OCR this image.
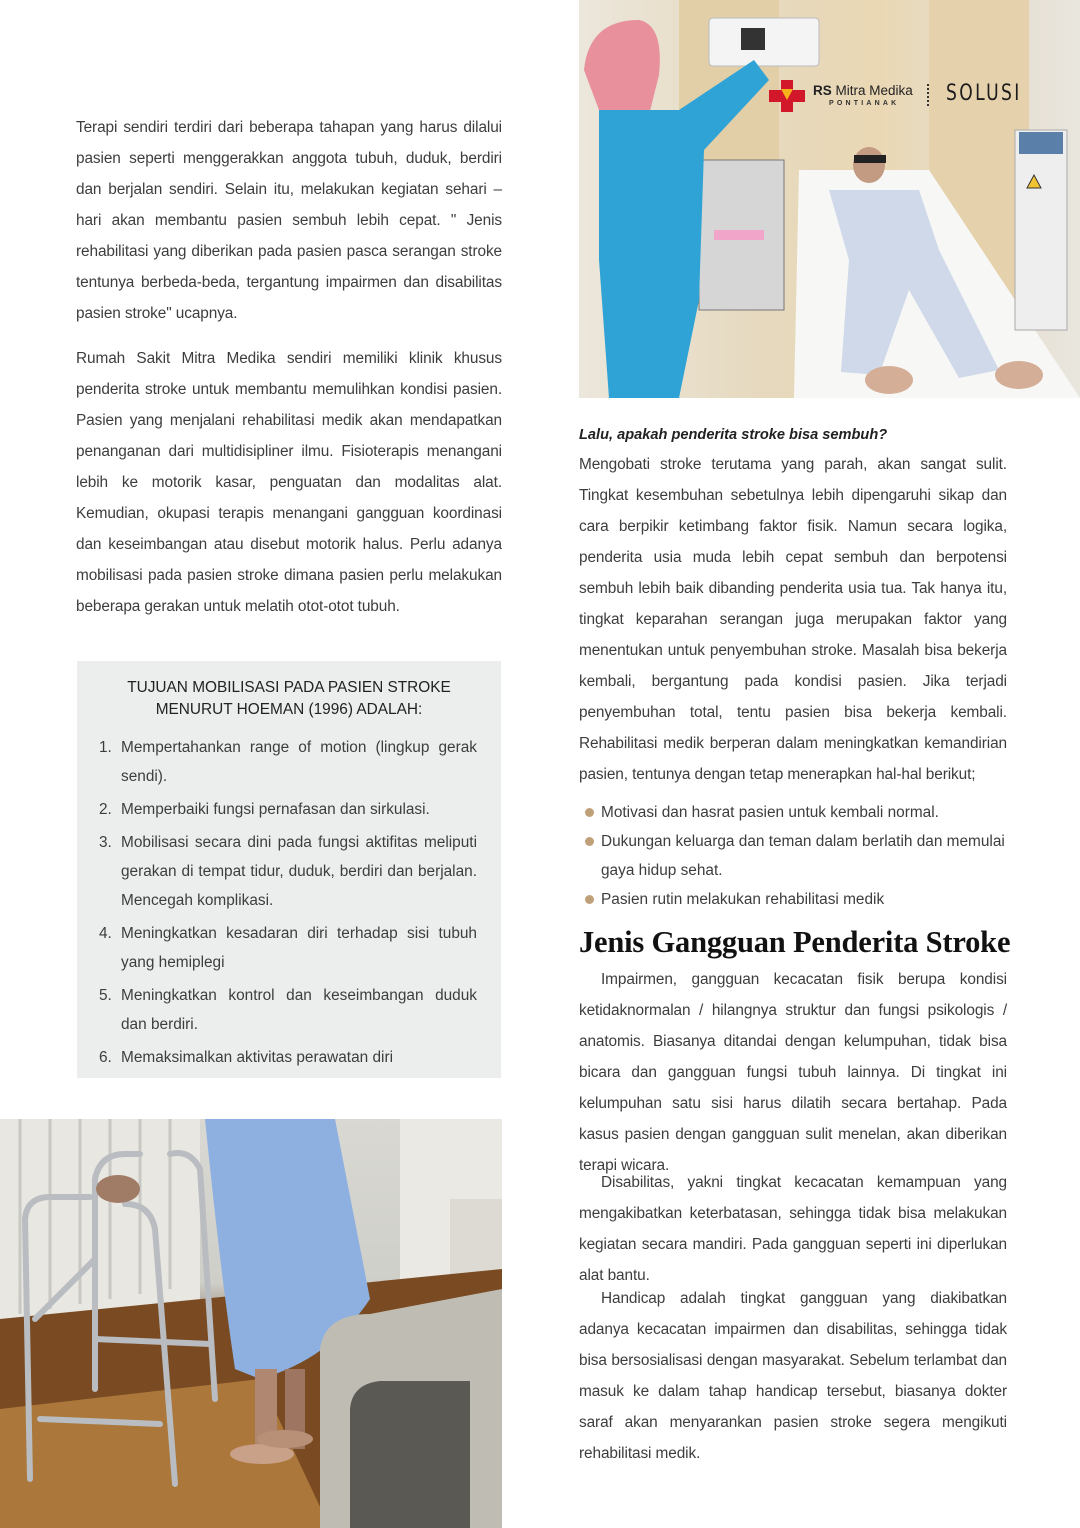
Terapi sendiri terdiri dari beberapa tahapan yang harus dilalui pasien seperti menggerakkan anggota tubuh, duduk, berdiri dan berjalan sendiri. Selain itu, melakukan kegiatan sehari – hari akan membantu pasien sembuh lebih cepat. " Jenis rehabilitasi yang diberikan pada pasien pasca serangan stroke tentunya berbeda-beda, tergantung impairmen dan disabilitas pasien stroke" ucapnya.

Rumah Sakit Mitra Medika sendiri memiliki klinik khusus penderita stroke untuk membantu memulihkan kondisi pasien. Pasien yang menjalani rehabilitasi medik akan mendapatkan penanganan dari multidisipliner ilmu. Fisioterapis menangani lebih ke motorik kasar, penguatan dan modalitas alat. Kemudian, okupasi terapis menangani gangguan koordinasi dan keseimbangan atau disebut motorik halus. Perlu adanya mobilisasi pada pasien stroke dimana pasien perlu melakukan beberapa gerakan untuk melatih otot-otot tubuh.

TUJUAN MOBILISASI PADA PASIEN STROKE
MENURUT HOEMAN (1996) ADALAH:

1. Mempertahankan range of motion (lingkup gerak sendi).
2. Memperbaiki fungsi pernafasan dan sirkulasi.
3. Mobilisasi secara dini pada fungsi aktifitas meliputi gerakan di tempat tidur, duduk, berdiri dan berjalan. Mencegah komplikasi.
4. Meningkatkan kesadaran diri terhadap sisi tubuh yang hemiplegi
5. Meningkatkan kontrol dan keseimbangan duduk dan berdiri.
6. Memaksimalkan aktivitas perawatan diri
RS Mitra Medika
PONTIANAK SOLUSI

Lalu, apakah penderita stroke bisa sembuh?

Mengobati stroke terutama yang parah, akan sangat sulit. Tingkat kesembuhan sebetulnya lebih dipengaruhi sikap dan cara berpikir ketimbang faktor fisik. Namun secara logika, penderita usia muda lebih cepat sembuh dan berpotensi sembuh lebih baik dibanding penderita usia tua. Tak hanya itu, tingkat keparahan serangan juga merupakan faktor yang menentukan untuk penyembuhan stroke. Masalah bisa bekerja kembali, bergantung pada kondisi pasien. Jika terjadi penyembuhan total, tentu pasien bisa bekerja kembali. Rehabilitasi medik berperan dalam meningkatkan kemandirian pasien, tentunya dengan tetap menerapkan hal-hal berikut;

Motivasi dan hasrat pasien untuk kembali normal.
Dukungan keluarga dan teman dalam berlatih dan memulai gaya hidup sehat.
Pasien rutin melakukan rehabilitasi medik
Jenis Gangguan Penderita Stroke

Impairmen, gangguan kecacatan fisik berupa kondisi ketidaknormalan / hilangnya struktur dan fungsi psikologis / anatomis. Biasanya ditandai dengan kelumpuhan, tidak bisa bicara dan gangguan fungsi tubuh lainnya. Di tingkat ini kelumpuhan satu sisi harus dilatih secara bertahap. Pada kasus pasien dengan gangguan sulit menelan, akan diberikan terapi wicara.

Disabilitas, yakni tingkat kecacatan kemampuan yang mengakibatkan keterbatasan, sehingga tidak bisa melakukan kegiatan secara mandiri. Pada gangguan seperti ini diperlukan alat bantu.

Handicap adalah tingkat gangguan yang diakibatkan adanya kecacatan impairmen dan disabilitas, sehingga tidak bisa bersosialisasi dengan masyarakat. Sebelum terlambat dan masuk ke dalam tahap handicap tersebut, biasanya dokter saraf akan menyarankan pasien stroke segera mengikuti rehabilitasi medik.
